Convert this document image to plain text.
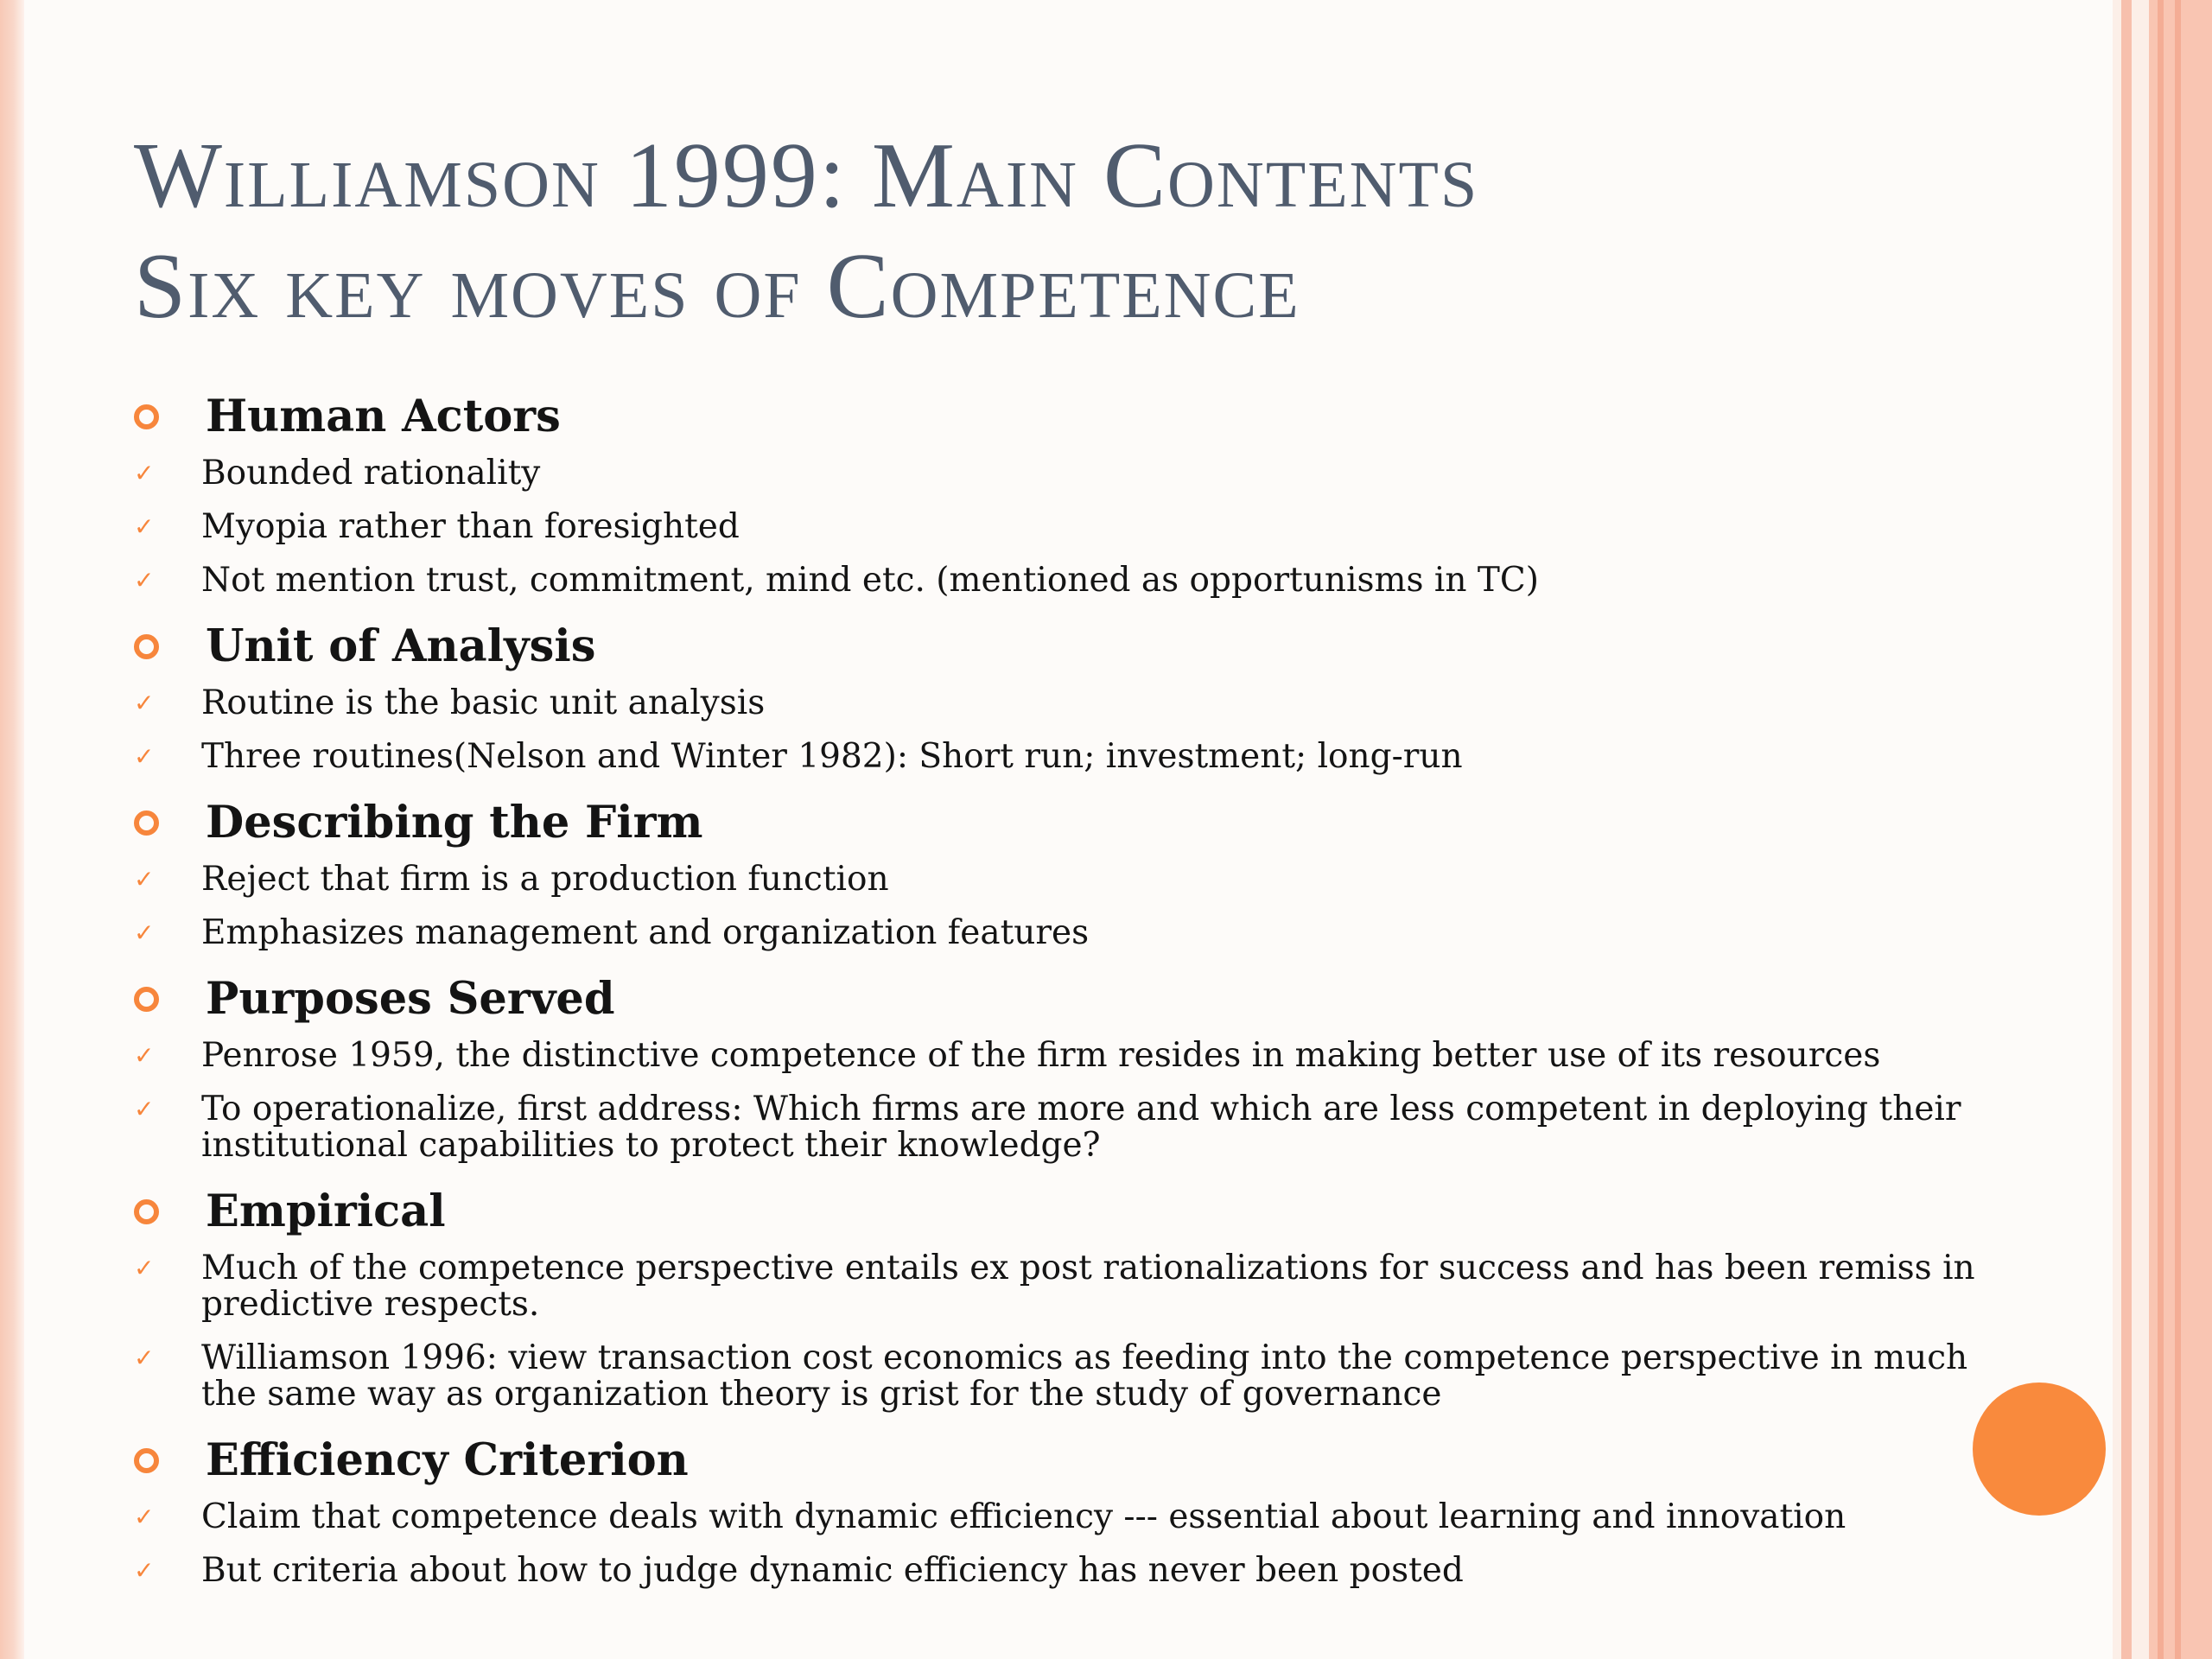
Williamson 1999: Main Contents
Six key moves of Competence
Human Actors
✓	Bounded rationality
✓	Myopia rather than foresighted
✓	Not mention trust, commitment, mind etc. (mentioned as opportunisms in TC)
Unit of Analysis
✓	Routine is the basic unit analysis
✓	Three routines(Nelson and Winter 1982): Short run; investment; long-run
Describing the Firm
✓	Reject that firm is a production function
✓	Emphasizes management and organization features
Purposes Served
✓	Penrose 1959, the distinctive competence of the firm resides in making better use of its resources
✓	To operationalize, first address: Which firms are more and which are less competent in deploying their institutional capabilities to protect their knowledge?
Empirical
✓	Much of the competence perspective entails ex post rationalizations for success and has been remiss in predictive respects.
✓	Williamson 1996: view transaction cost economics as feeding into the competence perspective in much the same way as organization theory is grist for the study of governance
Efficiency Criterion
✓	Claim that competence deals with dynamic efficiency --- essential about learning and innovation
✓	But criteria about how to judge dynamic efficiency has never been posted
